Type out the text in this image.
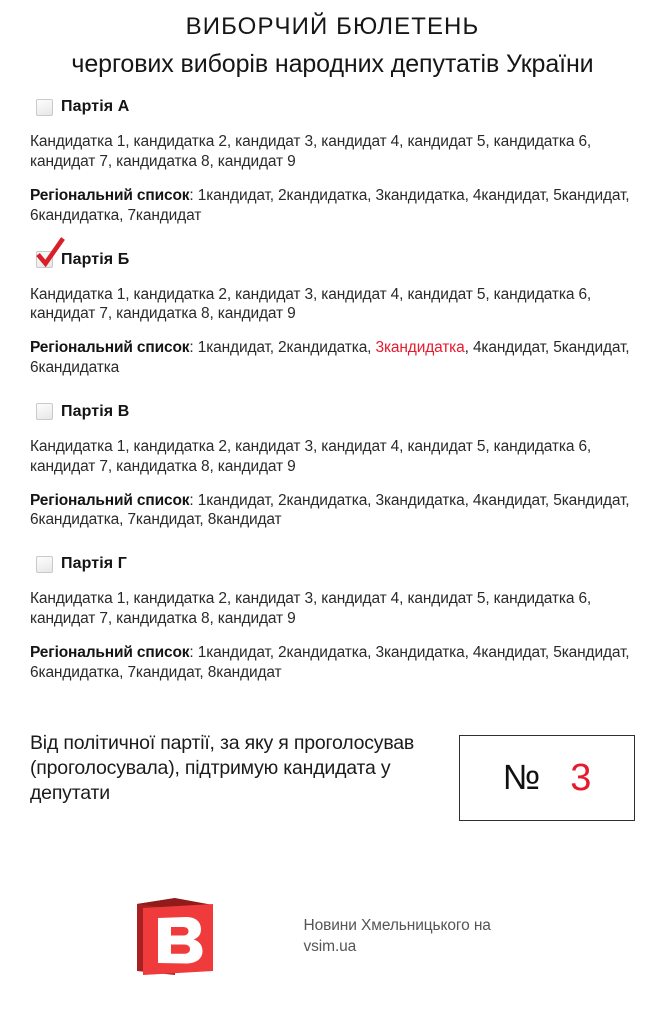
ВИБОРЧИЙ БЮЛЕТЕНЬ
чергових виборів народних депутатів України
Партія А
Кандидатка 1, кандидатка 2, кандидат 3, кандидат 4, кандидат 5, кандидатка 6, кандидат 7, кандидатка 8, кандидат 9
Регіональний список: 1кандидат, 2кандидатка, 3кандидатка, 4кандидат, 5кандидат, 6кандидатка, 7кандидат
Партія Б
Кандидатка 1, кандидатка 2, кандидат 3, кандидат 4, кандидат 5, кандидатка 6, кандидат 7, кандидатка 8, кандидат 9
Регіональний список: 1кандидат, 2кандидатка, 3кандидатка, 4кандидат, 5кандидат, 6кандидатка
Партія В
Кандидатка 1, кандидатка 2, кандидат 3, кандидат 4, кандидат 5, кандидатка 6, кандидат 7, кандидатка 8, кандидат 9
Регіональний список: 1кандидат, 2кандидатка, 3кандидатка, 4кандидат, 5кандидат, 6кандидатка, 7кандидат, 8кандидат
Партія Г
Кандидатка 1, кандидатка 2, кандидат 3, кандидат 4, кандидат 5, кандидатка 6, кандидат 7, кандидатка 8, кандидат 9
Регіональний список: 1кандидат, 2кандидатка, 3кандидатка, 4кандидат, 5кандидат, 6кандидатка, 7кандидат, 8кандидат
Від політичної партії, за яку я проголосував (проголосувала), підтримую кандидата у депутати	№ 3
Новини Хмельницького на vsim.ua
